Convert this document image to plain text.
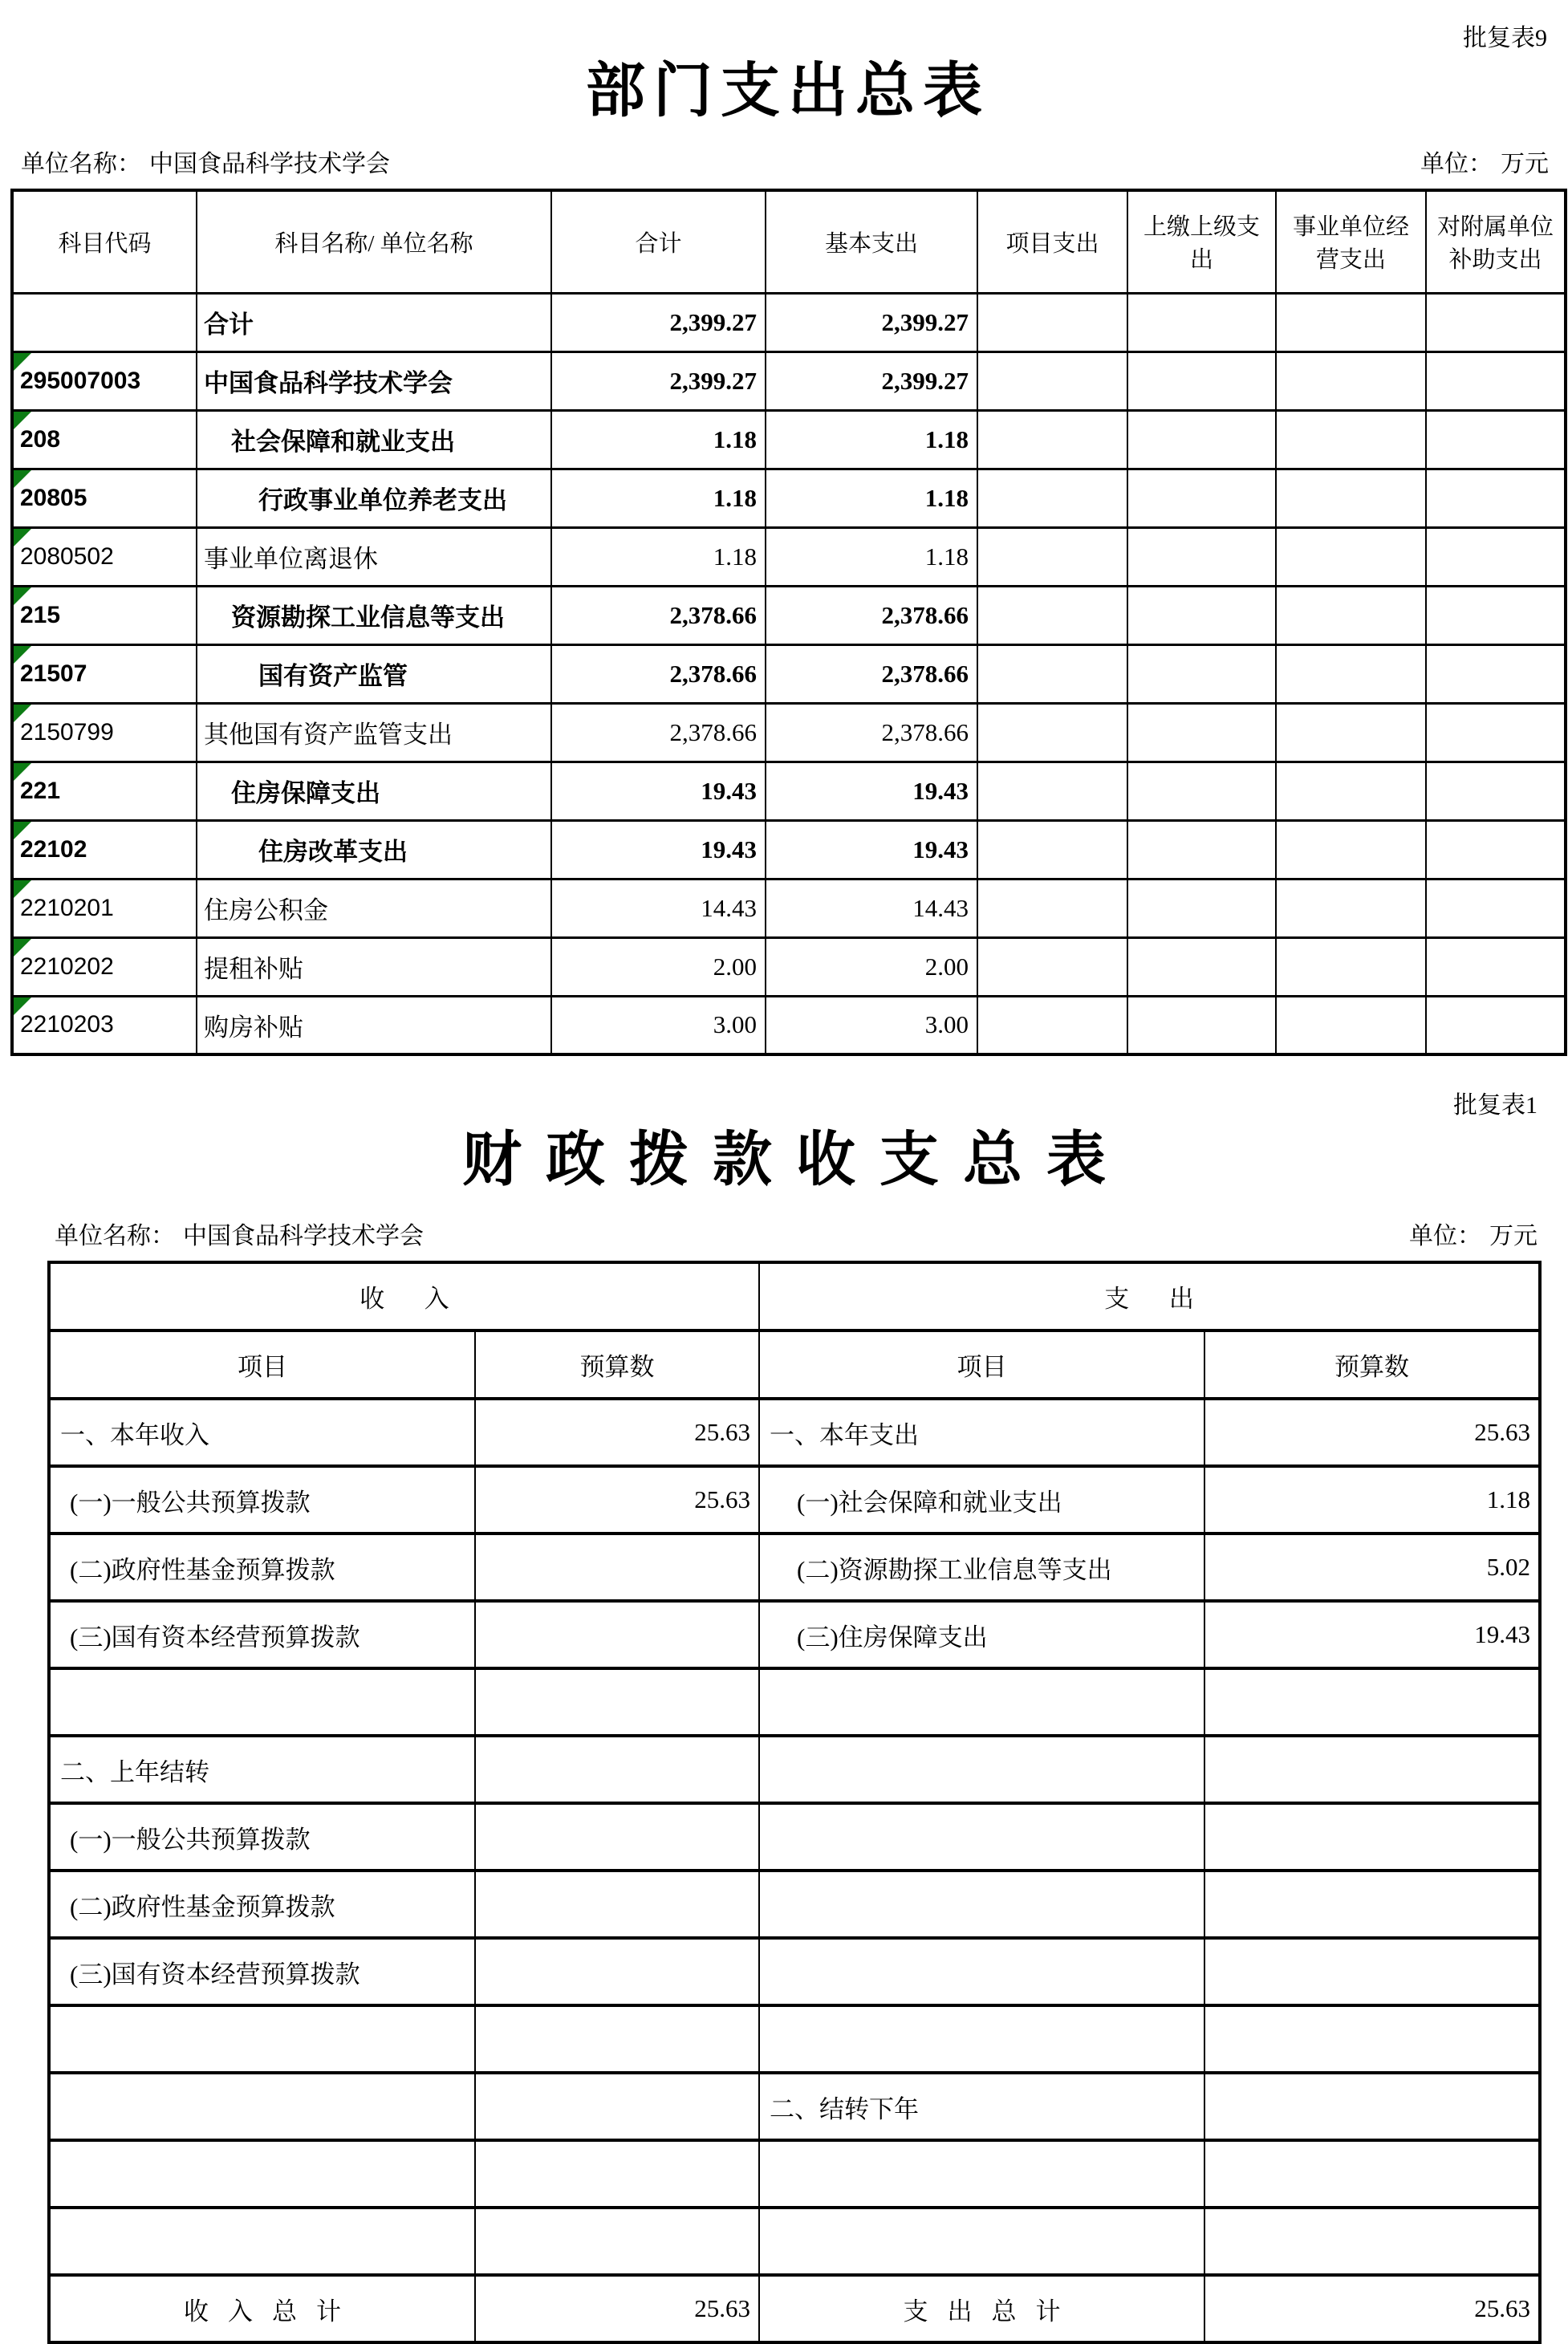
批复表9
部门支出总表
单位名称： 中国食品科学技术学会	单位： 万元
科目代码	科目名称/ 单位名称	合计	基本支出	项目支出	上缴上级支出	事业单位经营支出	对附属单位补助支出
	合计	2,399.27	2,399.27				

295007003	中国食品科学技术学会	2,399.27	2,399.27				

208	社会保障和就业支出	1.18	1.18				

20805	行政事业单位养老支出	1.18	1.18				

2080502	事业单位离退休	1.18	1.18				

215	资源勘探工业信息等支出	2,378.66	2,378.66				

21507	国有资产监管	2,378.66	2,378.66				

2150799	其他国有资产监管支出	2,378.66	2,378.66				

221	住房保障支出	19.43	19.43				

22102	住房改革支出	19.43	19.43				

2210201	住房公积金	14.43	14.43				

2210202	提租补贴	2.00	2.00				

2210203	购房补贴	3.00	3.00				
批复表1
财政拨款收支总表
单位名称： 中国食品科学技术学会	单位： 万元
收入		支出	
项目	预算数	项目	预算数
一、本年收入	25.63	一、本年支出	25.63
(一)一般公共预算拨款	25.63	(一)社会保障和就业支出	1.18
(二)政府性基金预算拨款		(二)资源勘探工业信息等支出	5.02
(三)国有资本经营预算拨款		(三)住房保障支出	19.43

二、上年结转			
(一)一般公共预算拨款			
(二)政府性基金预算拨款			
(三)国有资本经营预算拨款			

		二、结转下年	

收入总计	25.63	支出总计	25.63
